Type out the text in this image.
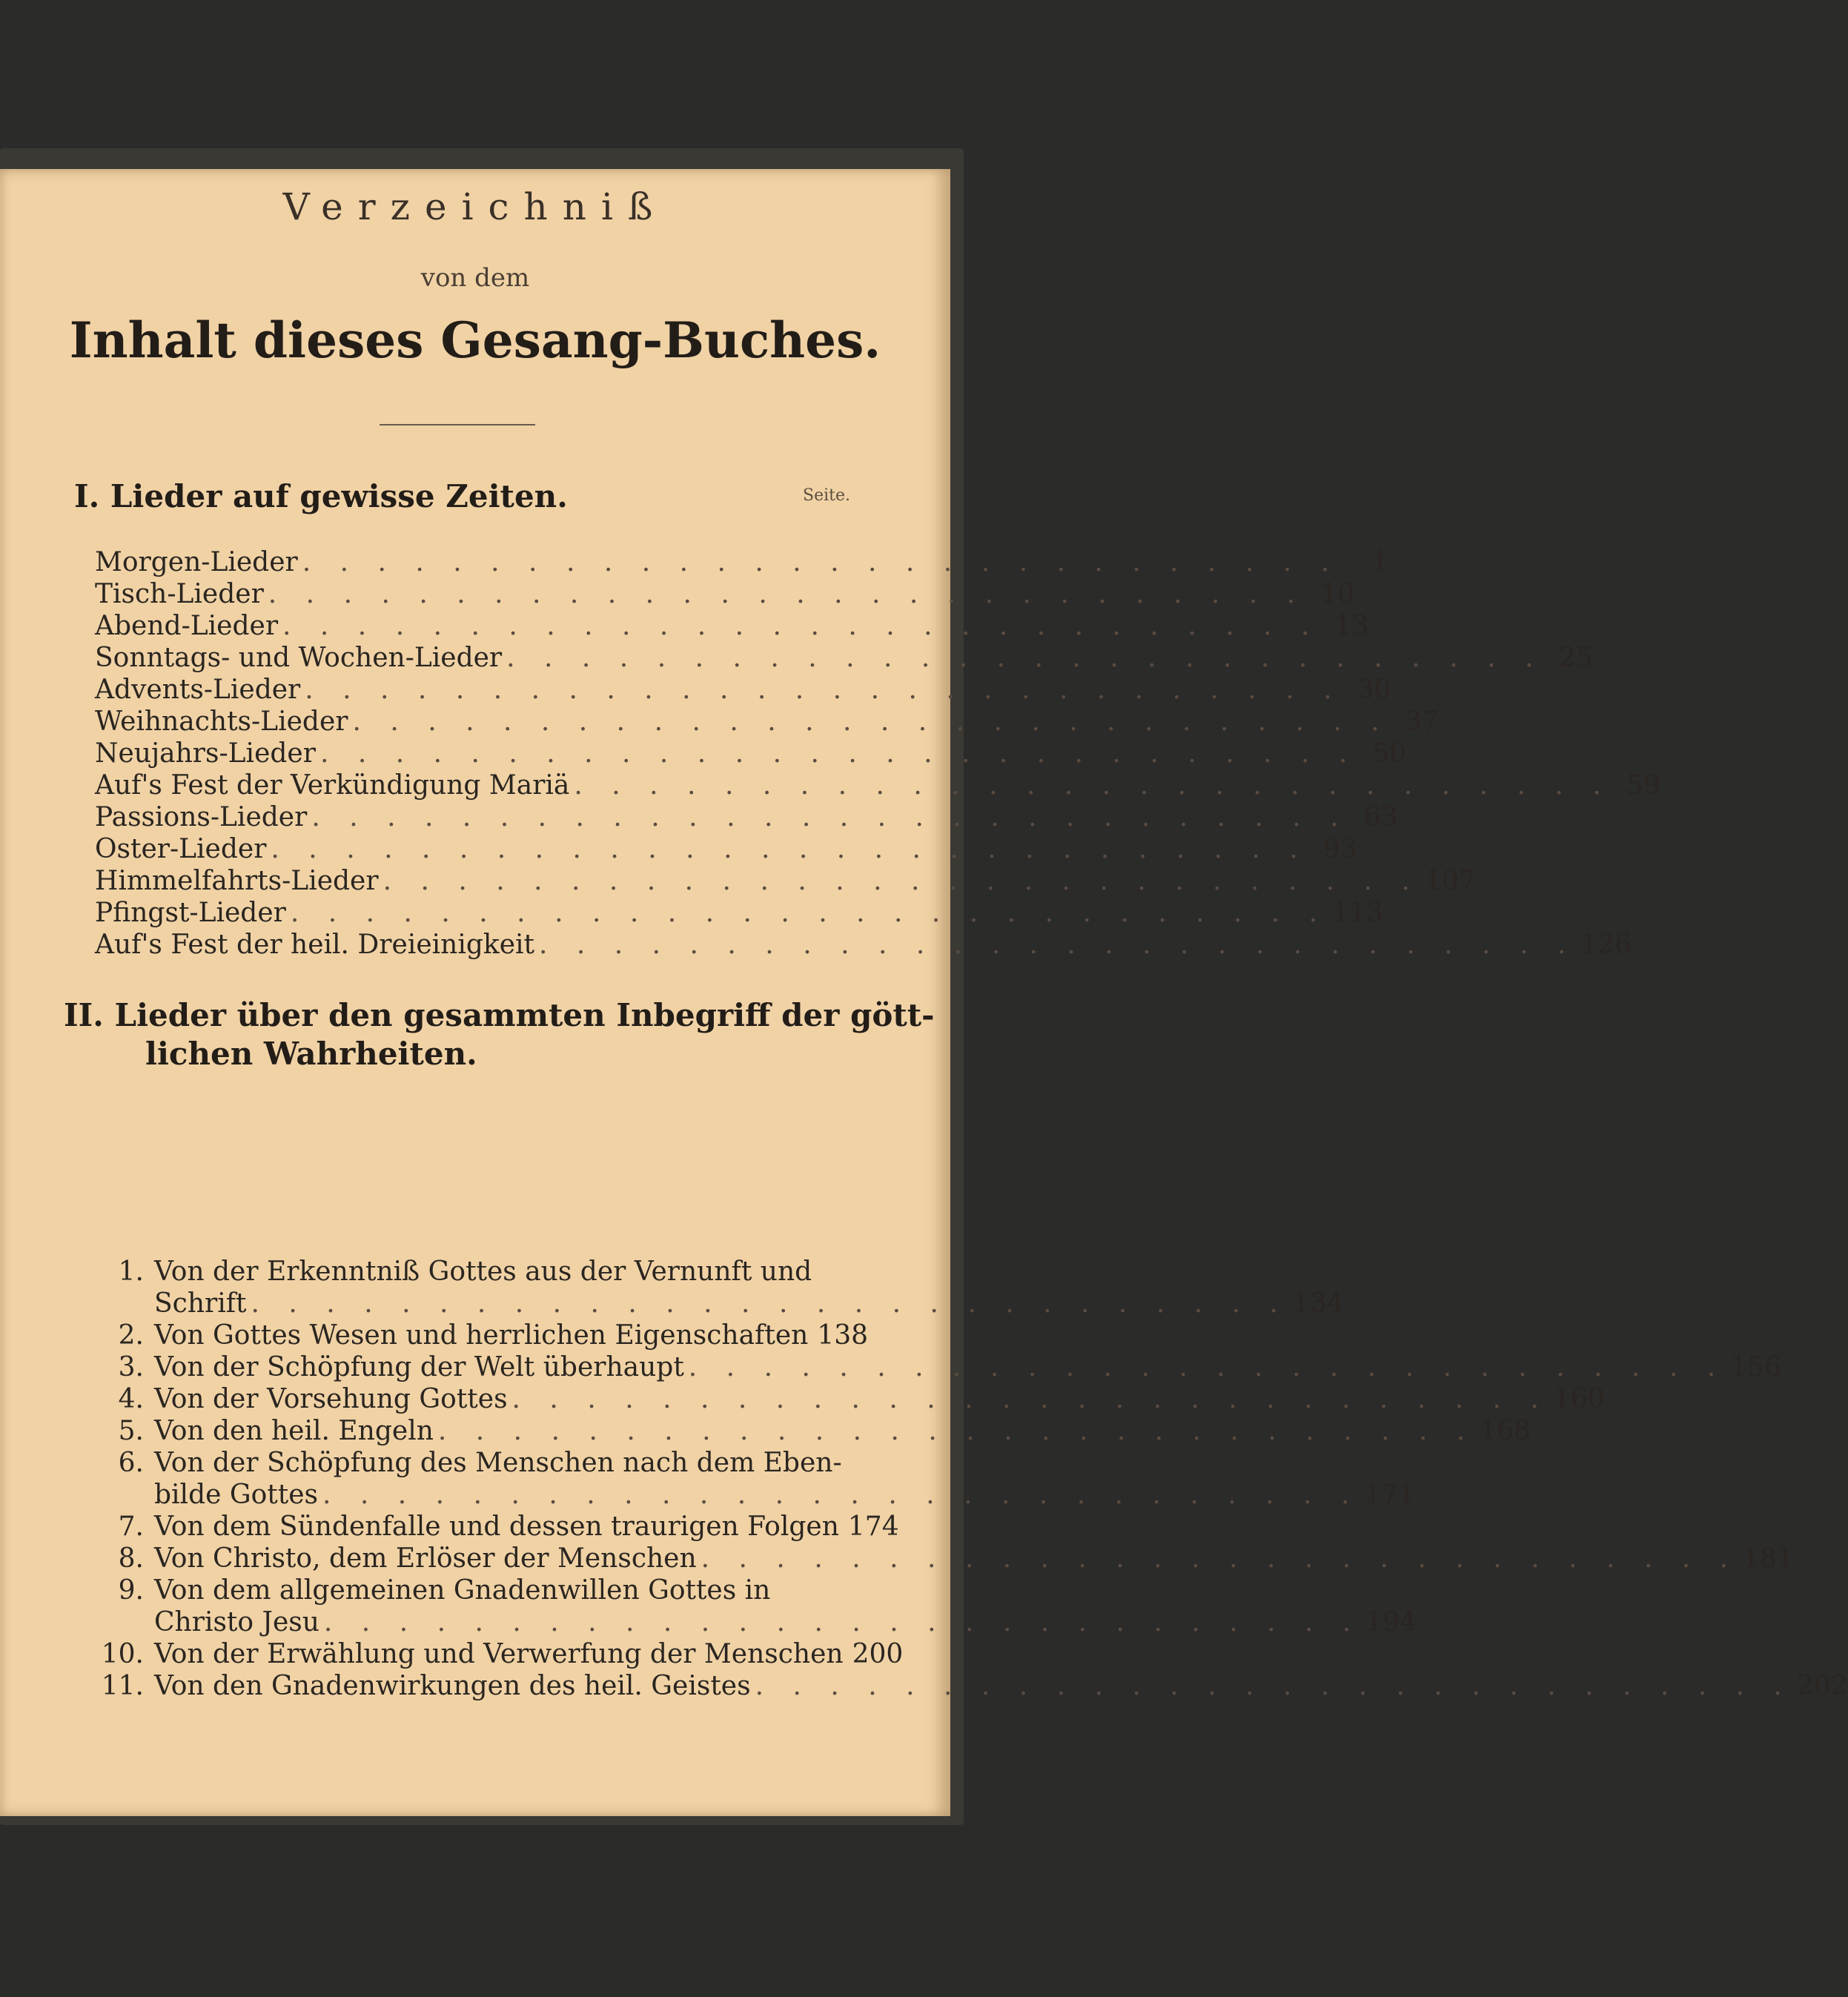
Verzeichniß
von dem
Inhalt dieses Gesang-Buches.
I. Lieder auf gewisse Zeiten.	Seite.
Morgen-Lieder . . . . . . . . . . . . . . . . . . . . . . . . . . . .	1
Tisch-Lieder . . . . . . . . . . . . . . . . . . . . . . . . . . . . 10
Abend-Lieder . . . . . . . . . . . . . . . . . . . . . . . . . . . . 13
Sonntags- und Wochen-Lieder . . . . . . . . . . . . . . . . . . . . . . . . . . . . 25
Advents-Lieder . . . . . . . . . . . . . . . . . . . . . . . . . . . . 30
Weihnachts-Lieder . . . . . . . . . . . . . . . . . . . . . . . . . . . . 37
Neujahrs-Lieder . . . . . . . . . . . . . . . . . . . . . . . . . . . . 50
Auf's Fest der Verkündigung Mariä . . . . . . . . . . . . . . . . . . . . . . . . . . . . 59
Passions-Lieder . . . . . . . . . . . . . . . . . . . . . . . . . . . . 63
Oster-Lieder . . . . . . . . . . . . . . . . . . . . . . . . . . . . 93
Himmelfahrts-Lieder . . . . . . . . . . . . . . . . . . . . . . . . . . . . 107
Pfingst-Lieder . . . . . . . . . . . . . . . . . . . . . . . . . . . . 113
Auf's Fest der heil. Dreieinigkeit . . . . . . . . . . . . . . . . . . . . . . . . . . . . 126
II. Lieder über den gesammten Inbegriff der gött-
lichen Wahrheiten.
1. Von der Erkenntniß Gottes aus der Vernunft und
Schrift . . . . . . . . . . . . . . . . . . . . . . . . . . . . 134
2. Von Gottes Wesen und herrlichen Eigenschaften 138
3. Von der Schöpfung der Welt überhaupt . . . . . . . . . . . . . . . . . . . . . . . . . . . . 156
4. Von der Vorsehung Gottes . . . . . . . . . . . . . . . . . . . . . . . . . . . . 160
5. Von den heil. Engeln . . . . . . . . . . . . . . . . . . . . . . . . . . . . 168
6. Von der Schöpfung des Menschen nach dem Eben-
bilde Gottes . . . . . . . . . . . . . . . . . . . . . . . . . . . . 171
7. Von dem Sündenfalle und dessen traurigen Folgen 174
8. Von Christo, dem Erlöser der Menschen . . . . . . . . . . . . . . . . . . . . . . . . . . . . 181
9. Von dem allgemeinen Gnadenwillen Gottes in
Christo Jesu . . . . . . . . . . . . . . . . . . . . . . . . . . . . 194
10. Von der Erwählung und Verwerfung der Menschen 200
11. Von den Gnadenwirkungen des heil. Geistes . . . . . . . . . . . . . . . . . . . . . . . . . . . . 202
